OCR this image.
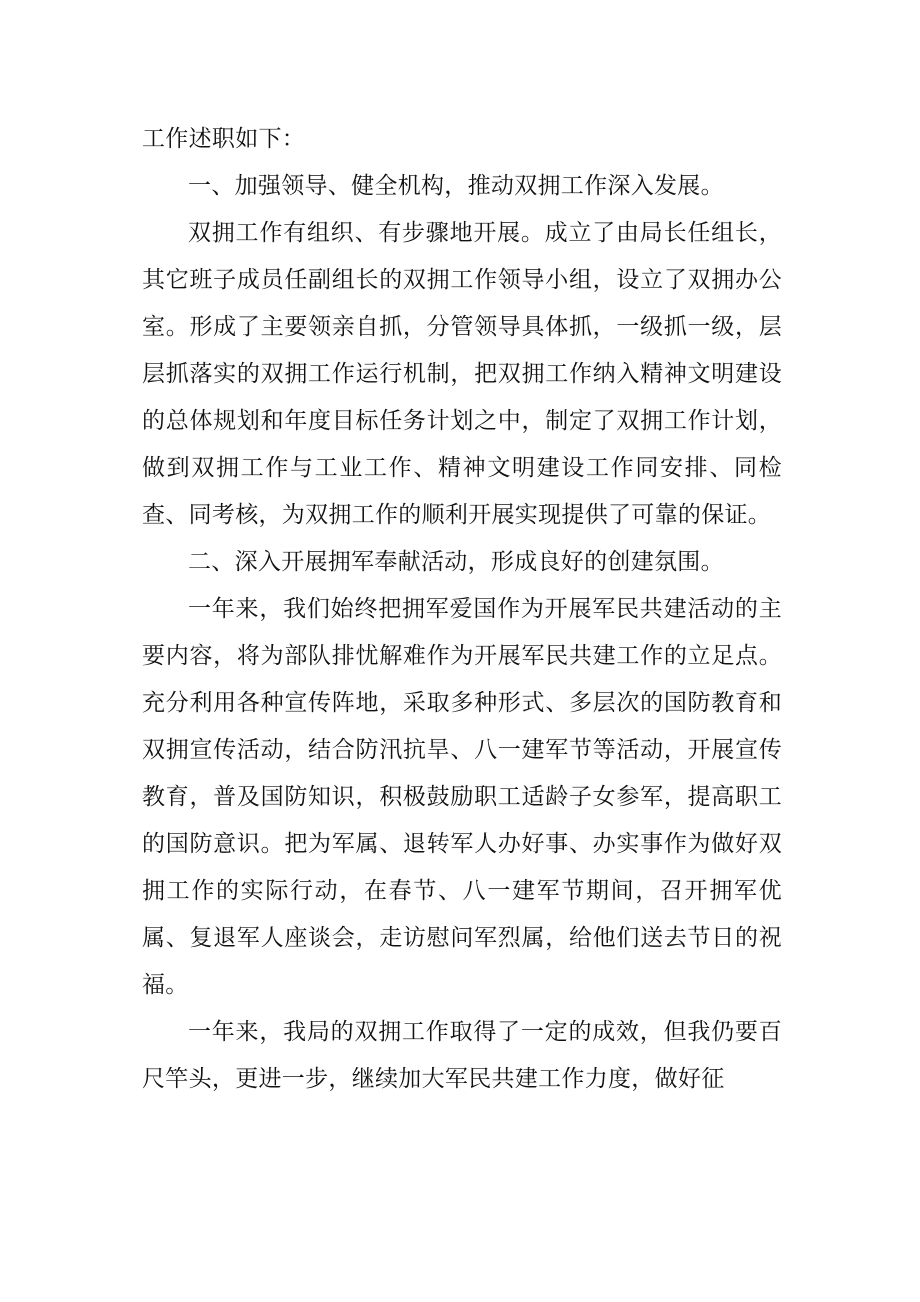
工作述职如下：

一、加强领导、健全机构，推动双拥工作深入发展。

双拥工作有组织、有步骤地开展。成立了由局长任组长，其它班子成员任副组长的双拥工作领导小组，设立了双拥办公室。形成了主要领亲自抓，分管领导具体抓，一级抓一级，层层抓落实的双拥工作运行机制，把双拥工作纳入精神文明建设的总体规划和年度目标任务计划之中，制定了双拥工作计划，做到双拥工作与工业工作、精神文明建设工作同安排、同检查、同考核，为双拥工作的顺利开展实现提供了可靠的保证。

二、深入开展拥军奉献活动，形成良好的创建氛围。

一年来，我们始终把拥军爱国作为开展军民共建活动的主要内容，将为部队排忧解难作为开展军民共建工作的立足点。充分利用各种宣传阵地，采取多种形式、多层次的国防教育和双拥宣传活动，结合防汛抗旱、八一建军节等活动，开展宣传教育，普及国防知识，积极鼓励职工适龄子女参军，提高职工的国防意识。把为军属、退转军人办好事、办实事作为做好双拥工作的实际行动，在春节、八一建军节期间，召开拥军优属、复退军人座谈会，走访慰问军烈属，给他们送去节日的祝福。

一年来，我局的双拥工作取得了一定的成效，但我仍要百尺竿头，更进一步，继续加大军民共建工作力度，做好征
